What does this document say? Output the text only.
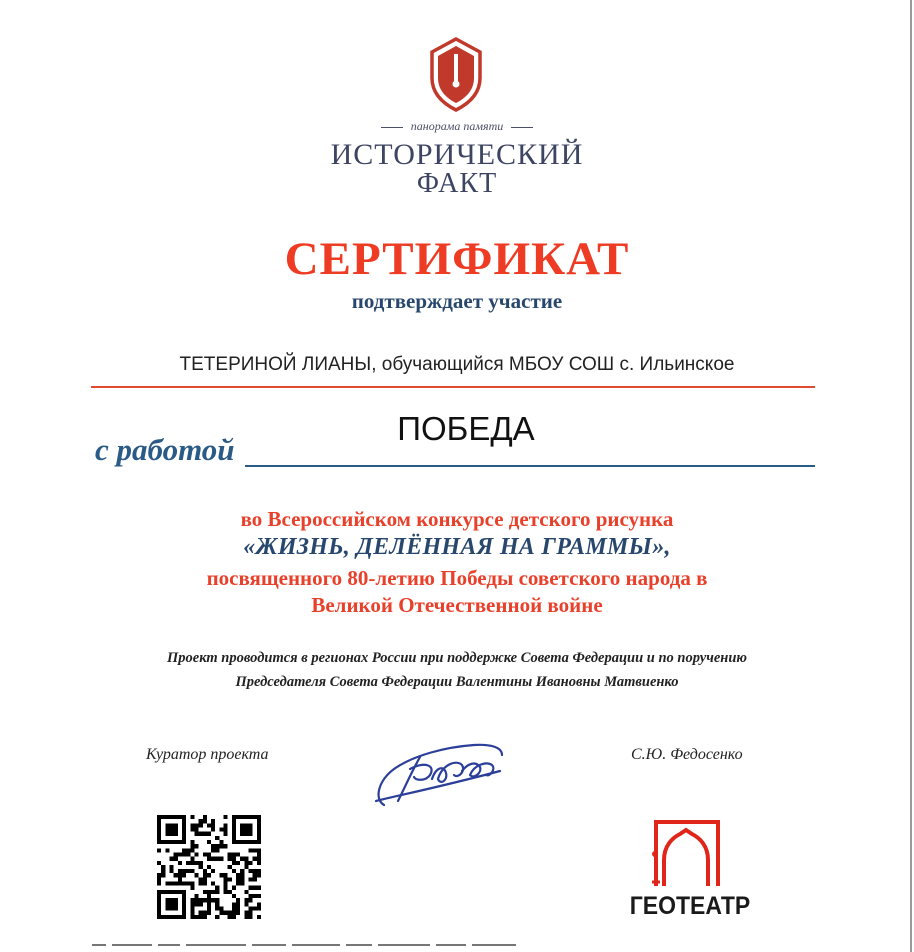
панорама памяти
ИСТОРИЧЕСКИЙ
ФАКТ
СЕРТИФИКАТ
подтверждает участие
ТЕТЕРИНОЙ ЛИАНЫ, обучающийся МБОУ СОШ с. Ильинское
с работой
ПОБЕДА
во Всероссийском конкурсе детского рисунка
«ЖИЗНЬ, ДЕЛЁННАЯ НА ГРАММЫ»,
посвященного 80-летию Победы советского народа в
Великой Отечественной войне
Проект проводится в регионах России при поддержке Совета Федерации и по поручению
Председателя Совета Федерации Валентины Ивановны Матвиенко
Куратор проекта	С.Ю. Федосенко
ГЕОТЕАТР
